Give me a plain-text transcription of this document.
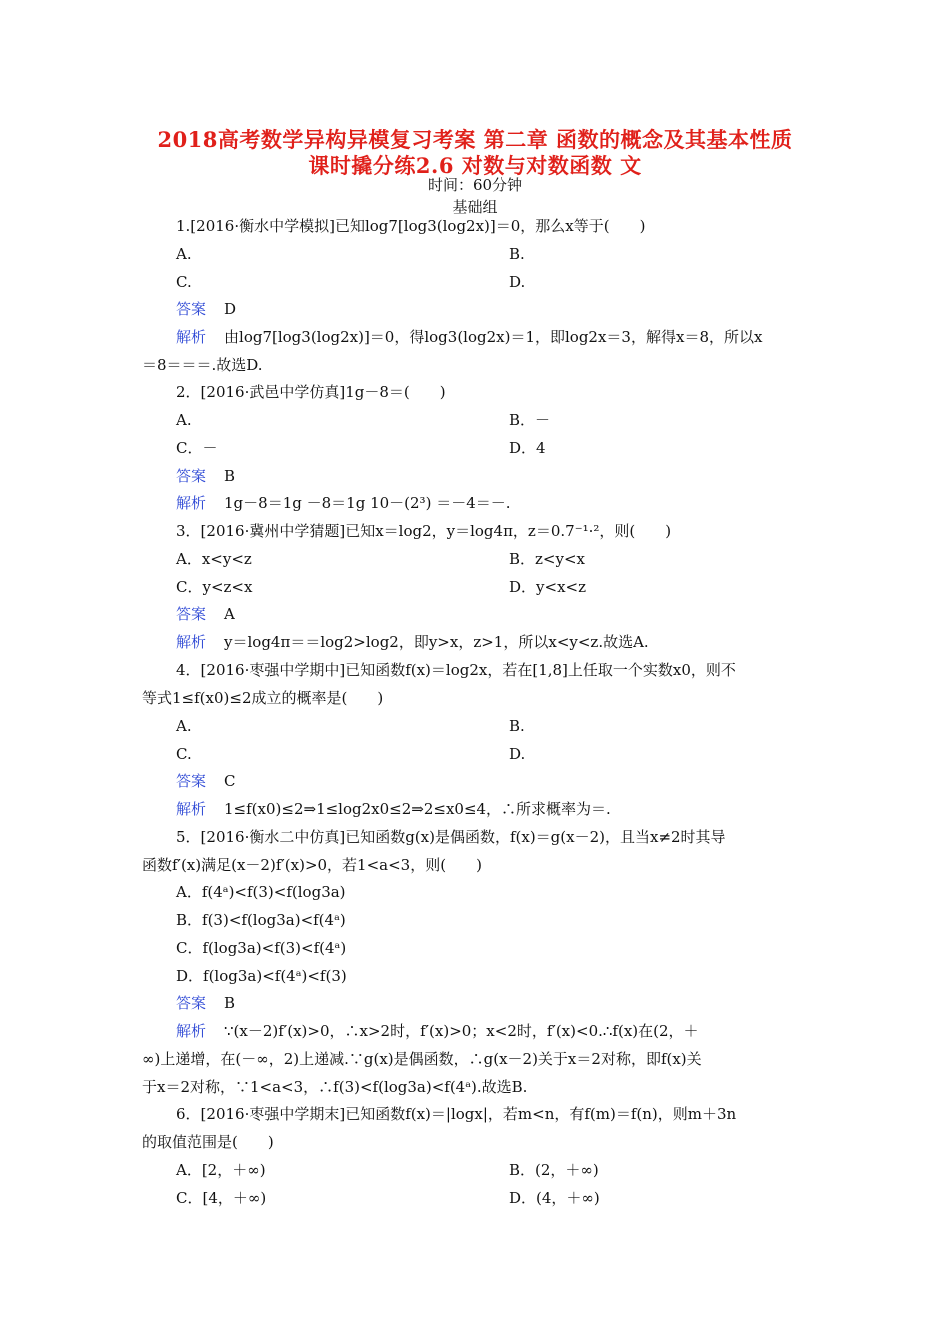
2018高考数学异构异模复习考案 第二章 函数的概念及其基本性质
课时撬分练2.6 对数与对数函数 文
时间：60分钟
基础组
1.[2016·衡水中学模拟]已知log7[log3(log2x)]＝0，那么x等于(　　)
A.	B.
C.	D.
答案 D
解析 由log7[log3(log2x)]＝0，得log3(log2x)＝1，即log2x＝3，解得x＝8，所以x
＝8＝＝＝.故选D.
2．[2016·武邑中学仿真]1g－8＝(　　)
A.	B．－
C．－	D．4
答案 B
解析 1g－8＝1g －8＝1g 10－(2³) ＝－4＝－.
3．[2016·冀州中学猜题]已知x＝log2，y＝log4π，z＝0.7⁻¹·²，则(　　)
A．x<y<z	B．z<y<x
C．y<z<x	D．y<x<z
答案 A
解析 y＝log4π＝＝log2>log2，即y>x，z>1，所以x<y<z.故选A.
4．[2016·枣强中学期中]已知函数f(x)＝log2x，若在[1,8]上任取一个实数x0，则不
等式1≤f(x0)≤2成立的概率是(　　)
A.	B.
C.	D.
答案 C
解析 1≤f(x0)≤2⇒1≤log2x0≤2⇒2≤x0≤4，∴所求概率为＝.
5．[2016·衡水二中仿真]已知函数g(x)是偶函数，f(x)＝g(x－2)，且当x≠2时其导
函数f′(x)满足(x－2)f′(x)>0，若1<a<3，则(　　)
A．f(4ᵃ)<f(3)<f(log3a)
B．f(3)<f(log3a)<f(4ᵃ)
C．f(log3a)<f(3)<f(4ᵃ)
D．f(log3a)<f(4ᵃ)<f(3)
答案 B
解析 ∵(x－2)f′(x)>0，∴x>2时，f′(x)>0；x<2时，f′(x)<0.∴f(x)在(2，＋
∞)上递增，在(－∞，2)上递减.∵g(x)是偶函数，∴g(x－2)关于x＝2对称，即f(x)关
于x＝2对称，∵1<a<3，∴f(3)<f(log3a)<f(4ᵃ).故选B.
6．[2016·枣强中学期末]已知函数f(x)＝|logx|，若m<n，有f(m)＝f(n)，则m＋3n
的取值范围是(　　)
A．[2，＋∞)	B．(2，＋∞)
C．[4，＋∞)	D．(4，＋∞)
